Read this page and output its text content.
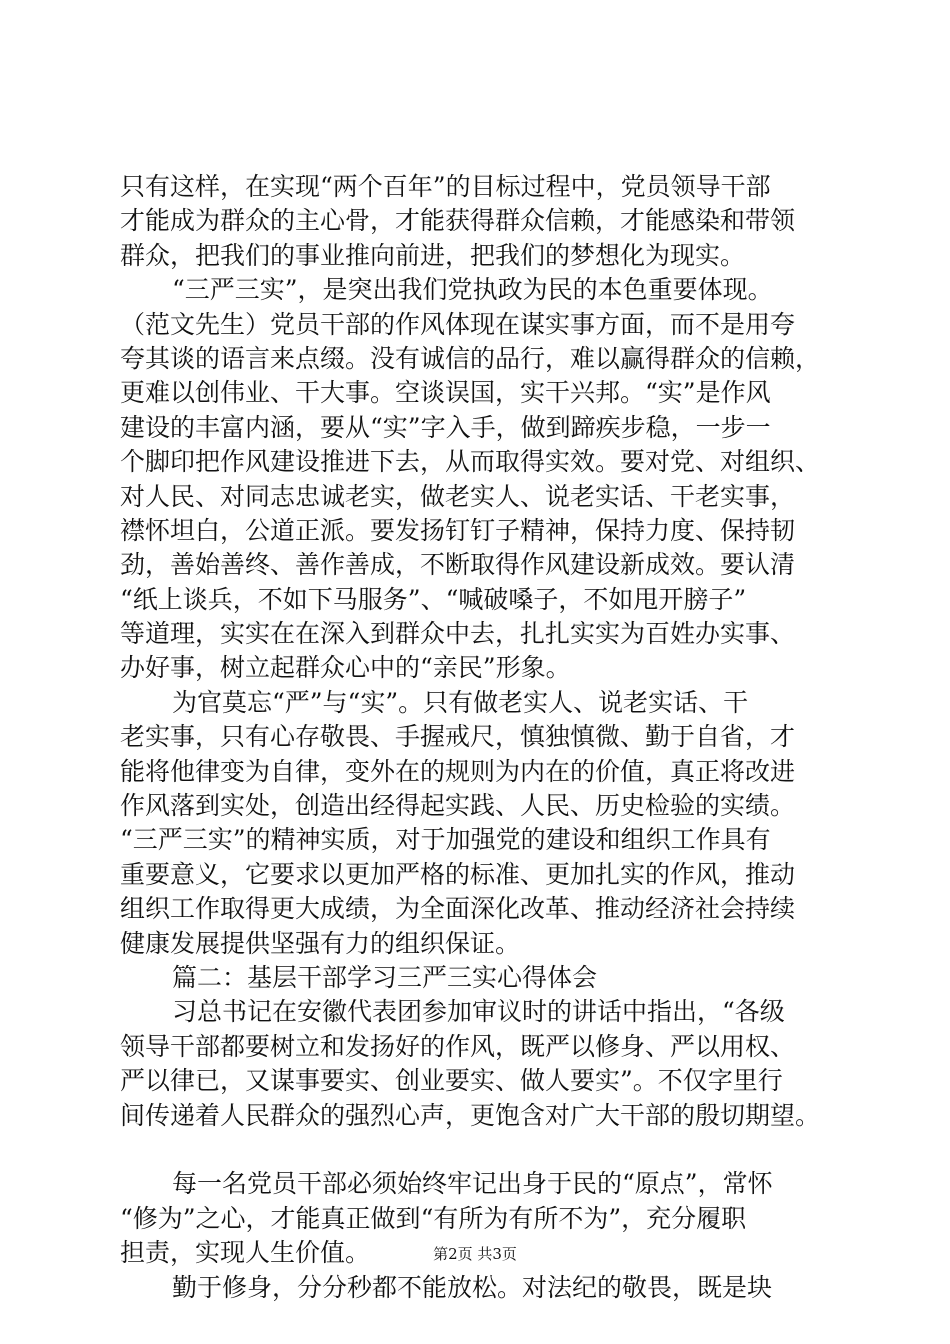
只有这样，在实现“两个百年”的目标过程中，党员领导干部
才能成为群众的主心骨，才能获得群众信赖，才能感染和带领
群众，把我们的事业推向前进，把我们的梦想化为现实。
“三严三实”，是突出我们党执政为民的本色重要体现。
（范文先生）党员干部的作风体现在谋实事方面，而不是用夸
夸其谈的语言来点缀。没有诚信的品行，难以赢得群众的信赖，
更难以创伟业、干大事。空谈误国，实干兴邦。“实”是作风
建设的丰富内涵，要从“实”字入手，做到蹄疾步稳，一步一
个脚印把作风建设推进下去，从而取得实效。要对党、对组织、
对人民、对同志忠诚老实，做老实人、说老实话、干老实事，
襟怀坦白，公道正派。要发扬钉钉子精神，保持力度、保持韧
劲，善始善终、善作善成，不断取得作风建设新成效。要认清
“纸上谈兵，不如下马服务”、“喊破嗓子，不如甩开膀子”
等道理，实实在在深入到群众中去，扎扎实实为百姓办实事、
办好事，树立起群众心中的“亲民”形象。
为官莫忘“严”与“实”。只有做老实人、说老实话、干
老实事，只有心存敬畏、手握戒尺，慎独慎微、勤于自省，才
能将他律变为自律，变外在的规则为内在的价值，真正将改进
作风落到实处，创造出经得起实践、人民、历史检验的实绩。
“三严三实”的精神实质，对于加强党的建设和组织工作具有
重要意义，它要求以更加严格的标准、更加扎实的作风，推动
组织工作取得更大成绩，为全面深化改革、推动经济社会持续
健康发展提供坚强有力的组织保证。
篇二：基层干部学习三严三实心得体会
习总书记在安徽代表团参加审议时的讲话中指出，“各级
领导干部都要树立和发扬好的作风，既严以修身、严以用权、
严以律已，又谋事要实、创业要实、做人要实”。不仅字里行
间传递着人民群众的强烈心声，更饱含对广大干部的殷切期望。
每一名党员干部必须始终牢记出身于民的“原点”，常怀
“修为”之心，才能真正做到“有所为有所不为”，充分履职
担责，实现人生价值。
勤于修身，分分秒都不能放松。对法纪的敬畏，既是块
第2页 共3页
